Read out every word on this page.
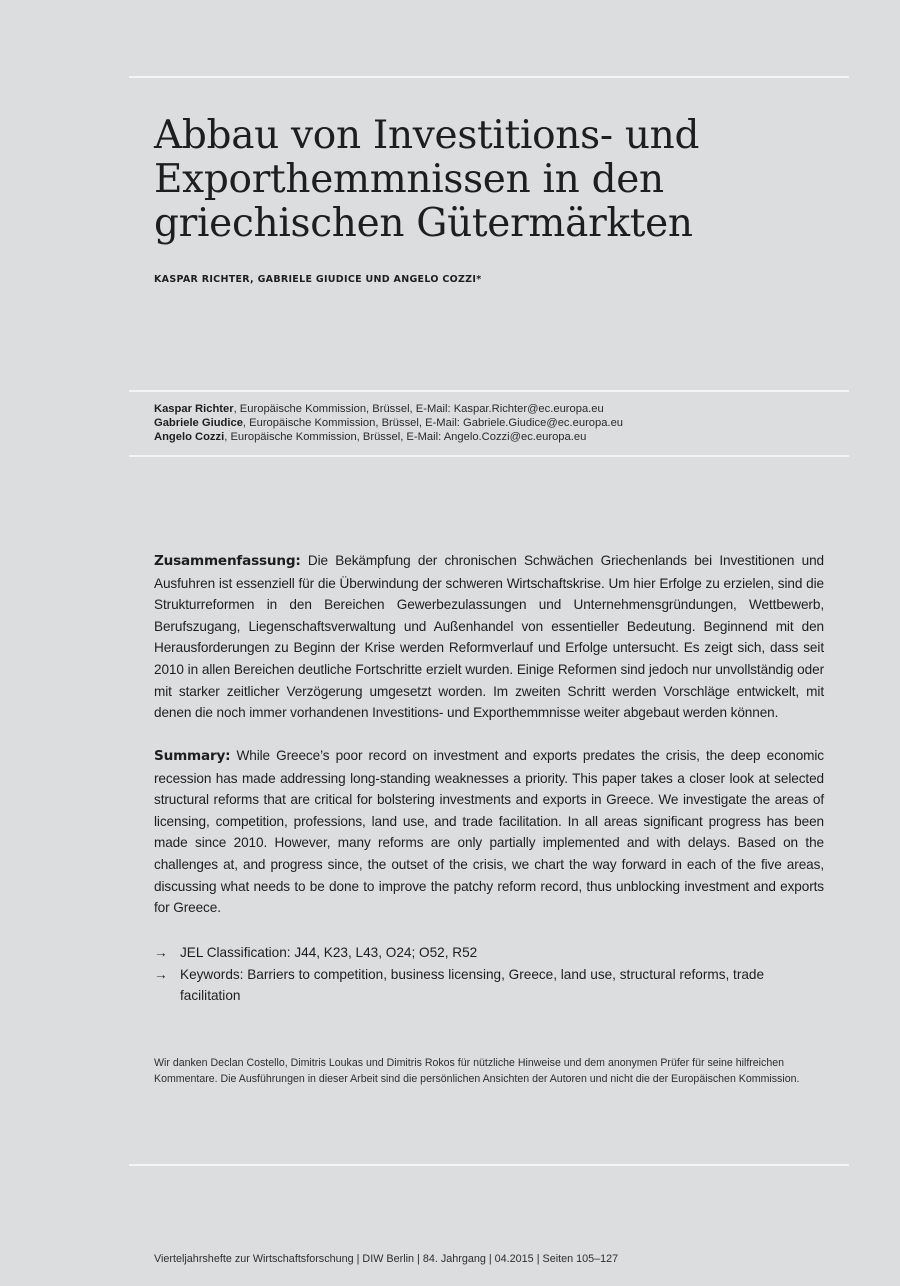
Abbau von Investitions- und
Exporthemmnissen in den
griechischen Gütermärkten
KASPAR RICHTER, GABRIELE GIUDICE UND ANGELO COZZI*
Kaspar Richter, Europäische Kommission, Brüssel, E-Mail: Kaspar.Richter@ec.europa.eu
Gabriele Giudice, Europäische Kommission, Brüssel, E-Mail: Gabriele.Giudice@ec.europa.eu
Angelo Cozzi, Europäische Kommission, Brüssel, E-Mail: Angelo.Cozzi@ec.europa.eu

Zusammenfassung: Die Bekämpfung der chronischen Schwächen Griechenlands bei Investitionen und Ausfuhren ist essenziell für die Überwindung der schweren Wirtschaftskrise. Um hier Erfolge zu erzielen, sind die Strukturreformen in den Bereichen Gewerbezulassungen und Unternehmensgründungen, Wettbewerb, Berufszugang, Liegenschaftsverwaltung und Außenhandel von essentieller Bedeutung. Beginnend mit den Herausforderungen zu Beginn der Krise werden Reformverlauf und Erfolge untersucht. Es zeigt sich, dass seit 2010 in allen Bereichen deutliche Fortschritte erzielt wurden. Einige Reformen sind jedoch nur unvollständig oder mit starker zeitlicher Verzögerung umgesetzt worden. Im zweiten Schritt werden Vorschläge entwickelt, mit denen die noch immer vorhandenen Investitions- und Exporthemmnisse weiter abgebaut werden können.

Summary: While Greece’s poor record on investment and exports predates the crisis, the deep economic recession has made addressing long-standing weaknesses a priority. This paper takes a closer look at selected structural reforms that are critical for bolstering investments and exports in Greece. We investigate the areas of licensing, competition, professions, land use, and trade facilitation. In all areas significant progress has been made since 2010. However, many reforms are only partially implemented and with delays. Based on the challenges at, and progress since, the outset of the crisis, we chart the way forward in each of the five areas, discussing what needs to be done to improve the patchy reform record, thus unblocking investment and exports for Greece.

→ JEL Classification: J44, K23, L43, O24; O52, R52
→ Keywords: Barriers to competition, business licensing, Greece, land use, structural reforms, trade facilitation

Wir danken Declan Costello, Dimitris Loukas und Dimitris Rokos für nützliche Hinweise und dem anonymen Prüfer für seine hilfreichen Kommentare. Die Ausführungen in dieser Arbeit sind die persönlichen Ansichten der Autoren und nicht die der Europäischen Kommission.

Vierteljahrshefte zur Wirtschaftsforschung | DIW Berlin | 84. Jahrgang | 04.2015 | Seiten 105–127
